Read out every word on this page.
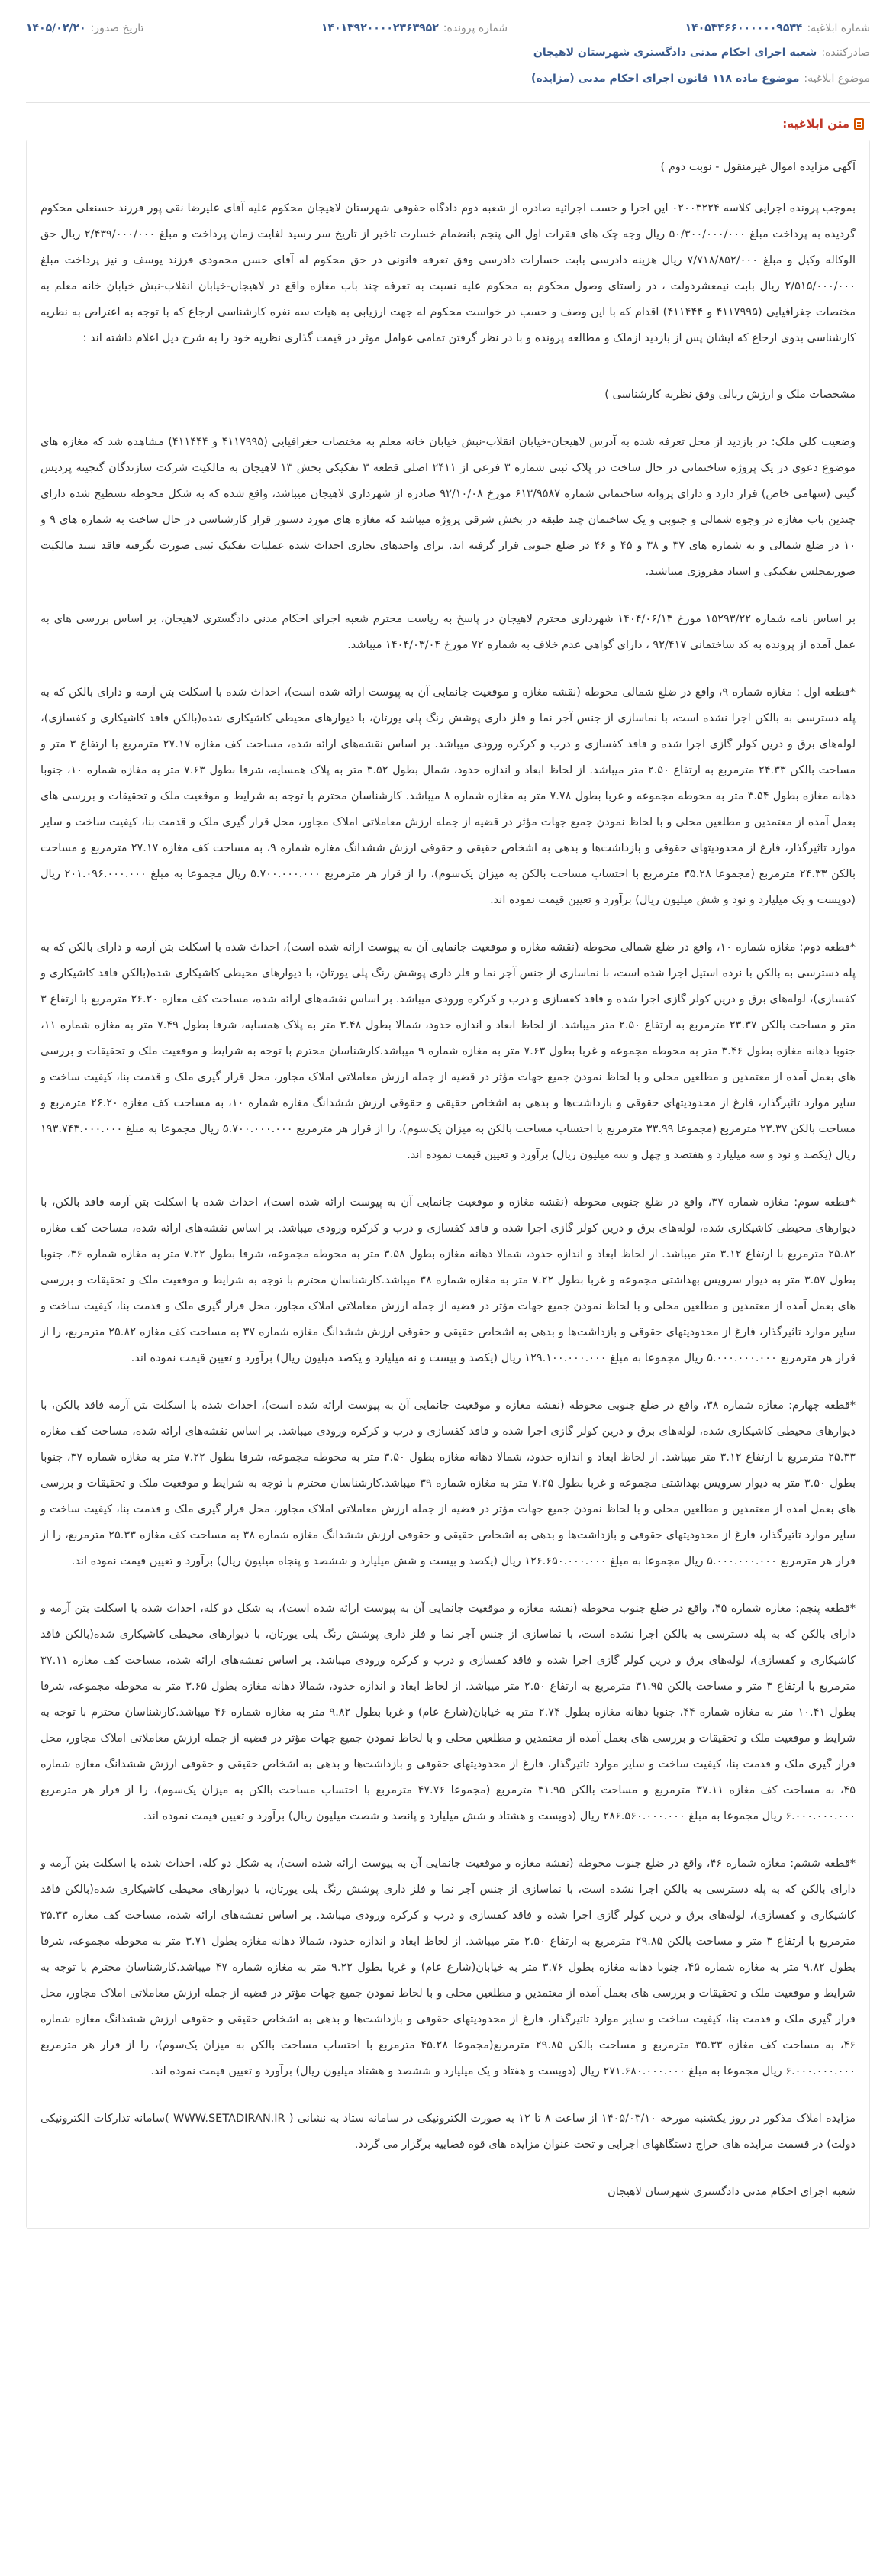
شماره ابلاغیه:
۱۴۰۵۳۴۶۶۰۰۰۰۰۰۹۵۳۴
شماره پرونده:
۱۴۰۱۳۹۲۰۰۰۰۲۳۶۳۹۵۲
تاریخ صدور:
۱۴۰۵/۰۲/۲۰
صادرکننده:
شعبه اجرای احکام مدنی دادگستری شهرستان لاهیجان
موضوع ابلاغیه:
موضوع ماده ۱۱۸ قانون اجرای احکام مدنی (مزایده)
متن ابلاغیه:

آگهی مزایده اموال غیرمنقول - نوبت دوم )

بموجب پرونده اجرایی کلاسه ۰۲۰۰۳۲۲۴ این اجرا و حسب اجرائیه صادره از شعبه دوم دادگاه حقوقی شهرستان لاهیجان محکوم علیه آقای علیرضا نقی پور فرزند حسنعلی محکوم گردیده به پرداخت مبلغ ۵۰/۳۰۰/۰۰۰/۰۰۰ ریال وجه چک های فقرات اول الی پنجم بانضمام خسارت تاخیر از تاریخ سر رسید لغایت زمان پرداخت و مبلغ ۲/۴۳۹/۰۰۰/۰۰۰ ریال حق الوکاله وکیل و مبلغ ۷/۷۱۸/۸۵۲/۰۰۰ ریال هزینه دادرسی بابت خسارات دادرسی وفق تعرفه قانونی در حق محکوم له آقای حسن محمودی فرزند یوسف و نیز پرداخت مبلغ ۲/۵۱۵/۰۰۰/۰۰۰ ریال بابت نیمعشردولت ، در راستای وصول محکوم به محکوم علیه نسبت به تعرفه چند باب مغازه واقع در لاهیجان-خیابان انقلاب-نبش خیابان خانه معلم به مختصات جغرافیایی (۴۱۱۷۹۹۵ و ۴۱۱۴۴۴) اقدام که با این وصف و حسب در خواست محکوم له جهت ارزیابی به هیات سه نفره کارشناسی ارجاع که با توجه به اعتراض به نظریه کارشناسی بدوی ارجاع که ایشان پس از بازدید ازملک و مطالعه پرونده و با در نظر گرفتن تمامی عوامل موثر در قیمت گذاری نظریه خود را به شرح ذیل اعلام داشته اند :

مشخصات ملک و ارزش ریالی وفق نظریه کارشناسی )

وضعیت کلی ملک: در بازدید از محل تعرفه شده به آدرس لاهیجان-خیابان انقلاب-نبش خیابان خانه معلم به مختصات جغرافیایی (۴۱۱۷۹۹۵ و ۴۱۱۴۴۴) مشاهده شد که مغازه های موضوع دعوی در یک پروژه ساختمانی در حال ساخت در پلاک ثبتی شماره ۳ فرعی از ۲۴۱۱ اصلی قطعه ۳ تفکیکی بخش ۱۳ لاهیجان به مالکیت شرکت سازندگان گنجینه پردیس گیتی (سهامی خاص) قرار دارد و دارای پروانه ساختمانی شماره ۶۱۳/۹۵۸۷ مورخ ۹۲/۱۰/۰۸ صادره از شهرداری لاهیجان میباشد، واقع شده که به شکل محوطه تسطیح شده دارای چندین باب مغازه در وجوه شمالی و جنوبی و یک ساختمان چند طبقه در بخش شرقی پروژه میباشد که مغازه های مورد دستور قرار کارشناسی در حال ساخت به شماره های ۹ و ۱۰ در ضلع شمالی و به شماره های ۳۷ و ۳۸ و ۴۵ و ۴۶ در ضلع جنوبی قرار گرفته اند. برای واحدهای تجاری احداث شده عملیات تفکیک ثبتی صورت نگرفته فاقد سند مالکیت صورتمجلس تفکیکی و اسناد مفروزی میباشند.

بر اساس نامه شماره ۱۵۲۹۳/۲۲ مورخ ۱۴۰۴/۰۶/۱۳ شهرداری محترم لاهیجان در پاسخ به ریاست محترم شعبه اجرای احکام مدنی دادگستری لاهیجان، بر اساس بررسی های به عمل آمده از پرونده به کد ساختمانی ۹۲/۴۱۷ ، دارای گواهی عدم خلاف به شماره ۷۲ مورخ ۱۴۰۴/۰۳/۰۴ میباشد.

*قطعه اول : مغازه شماره ۹، واقع در ضلع شمالی محوطه (نقشه مغازه و موقعیت جانمایی آن به پیوست ارائه شده است)، احداث شده با اسکلت بتن آرمه و دارای بالکن که به پله دسترسی به بالکن اجرا نشده است، با نماسازی از جنس آجر نما و فلز داری پوشش رنگ پلی یورتان، با دیوارهای محیطی کاشیکاری شده(بالکن فاقد کاشیکاری و کفسازی)، لوله‌های برق و درین کولر گازی اجرا شده و فاقد کفسازی و درب و کرکره ورودی میباشد. بر اساس نقشه‌های ارائه شده، مساحت کف مغازه ۲۷.۱۷ مترمربع با ارتفاع ۳ متر و مساحت بالکن ۲۴.۳۳ مترمربع به ارتفاع ۲.۵۰ متر میباشد. از لحاظ ابعاد و اندازه حدود، شمال بطول ۳.۵۲ متر به پلاک همسایه، شرقا بطول ۷.۶۳ متر به مغازه شماره ۱۰، جنوبا دهانه مغازه بطول ۳.۵۴ متر به محوطه مجموعه و غربا بطول ۷.۷۸ متر به مغازه شماره ۸ میباشد. کارشناسان محترم با توجه به شرایط و موقعیت ملک و تحقیقات و بررسی های بعمل آمده از معتمدین و مطلعین محلی و با لحاظ نمودن جمیع جهات مؤثر در قضیه از جمله ارزش معاملاتی املاک مجاور، محل قرار گیری ملک و قدمت بنا، کیفیت ساخت و سایر موارد تاثیرگذار، فارغ از محدودیتهای حقوقی و بازداشت‌ها و بدهی به اشخاص حقیقی و حقوقی ارزش ششدانگ مغازه شماره ۹، به مساحت کف مغازه ۲۷.۱۷ مترمربع و مساحت بالکن ۲۴.۳۳ مترمربع (مجموعا ۳۵.۲۸ مترمربع با احتساب مساحت بالکن به میزان یک‌سوم)، را از قرار هر مترمربع ۵.۷۰۰.۰۰۰.۰۰۰ ریال مجموعا به مبلغ ۲۰۱.۰۹۶.۰۰۰.۰۰۰ ریال (دویست و یک میلیارد و نود و شش میلیون ریال) برآورد و تعیین قیمت نموده اند.

*قطعه دوم: مغازه شماره ۱۰، واقع در ضلع شمالی محوطه (نقشه مغازه و موقعیت جانمایی آن به پیوست ارائه شده است)، احداث شده با اسکلت بتن آرمه و دارای بالکن که به پله دسترسی به بالکن با نرده استیل اجرا شده است، با نماسازی از جنس آجر نما و فلز داری پوشش رنگ پلی یورتان، با دیوارهای محیطی کاشیکاری شده(بالکن فاقد کاشیکاری و کفسازی)، لوله‌های برق و درین کولر گازی اجرا شده و فاقد کفسازی و درب و کرکره ورودی میباشد. بر اساس نقشه‌های ارائه شده، مساحت کف مغازه ۲۶.۲۰ مترمربع با ارتفاع ۳ متر و مساحت بالکن ۲۳.۳۷ مترمربع به ارتفاع ۲.۵۰ متر میباشد. از لحاظ ابعاد و اندازه حدود، شمالا بطول ۳.۴۸ متر به پلاک همسایه، شرقا بطول ۷.۴۹ متر به مغازه شماره ۱۱، جنوبا دهانه مغازه بطول ۳.۴۶ متر به محوطه مجموعه و غربا بطول ۷.۶۳ متر به مغازه شماره ۹ میباشد.کارشناسان محترم با توجه به شرایط و موقعیت ملک و تحقیقات و بررسی های بعمل آمده از معتمدین و مطلعین محلی و با لحاظ نمودن جمیع جهات مؤثر در قضیه از جمله ارزش معاملاتی املاک مجاور، محل قرار گیری ملک و قدمت بنا، کیفیت ساخت و سایر موارد تاثیرگذار، فارغ از محدودیتهای حقوقی و بازداشت‌ها و بدهی به اشخاص حقیقی و حقوقی ارزش ششدانگ مغازه شماره ۱۰، به مساحت کف مغازه ۲۶.۲۰ مترمربع و مساحت بالکن ۲۳.۳۷ مترمربع (مجموعا ۳۳.۹۹ مترمربع با احتساب مساحت بالکن به میزان یک‌سوم)، را از قرار هر مترمربع ۵.۷۰۰.۰۰۰.۰۰۰ ریال مجموعا به مبلغ ۱۹۳.۷۴۳.۰۰۰.۰۰۰ ریال (یکصد و نود و سه میلیارد و هفتصد و چهل و سه میلیون ریال) برآورد و تعیین قیمت نموده اند.

*قطعه سوم: مغازه شماره ۳۷، واقع در ضلع جنوبی محوطه (نقشه مغازه و موقعیت جانمایی آن به پیوست ارائه شده است)، احداث شده با اسکلت بتن آرمه فاقد بالکن، با دیوارهای محیطی کاشیکاری شده، لوله‌های برق و درین کولر گازی اجرا شده و فاقد کفسازی و درب و کرکره ورودی میباشد. بر اساس نقشه‌های ارائه شده، مساحت کف مغازه ۲۵.۸۲ مترمربع با ارتفاع ۳.۱۲ متر میباشد. از لحاظ ابعاد و اندازه حدود، شمالا دهانه مغازه بطول ۳.۵۸ متر به محوطه مجموعه، شرقا بطول ۷.۲۲ متر به مغازه شماره ۳۶، جنوبا بطول ۳.۵۷ متر به دیوار سرویس بهداشتی مجموعه و غربا بطول ۷.۲۲ متر به مغازه شماره ۳۸ میباشد.کارشناسان محترم با توجه به شرایط و موقعیت ملک و تحقیقات و بررسی های بعمل آمده از معتمدین و مطلعین محلی و با لحاظ نمودن جمیع جهات مؤثر در قضیه از جمله ارزش معاملاتی املاک مجاور، محل قرار گیری ملک و قدمت بنا، کیفیت ساخت و سایر موارد تاثیرگذار، فارغ از محدودیتهای حقوقی و بازداشت‌ها و بدهی به اشخاص حقیقی و حقوقی ارزش ششدانگ مغازه شماره ۳۷ به مساحت کف مغازه ۲۵.۸۲ مترمربع، را از قرار هر مترمربع ۵.۰۰۰.۰۰۰.۰۰۰ ریال مجموعا به مبلغ ۱۲۹.۱۰۰.۰۰۰.۰۰۰ ریال (یکصد و بیست و نه میلیارد و یکصد میلیون ریال) برآورد و تعیین قیمت نموده اند.

*قطعه چهارم: مغازه شماره ۳۸، واقع در ضلع جنوبی محوطه (نقشه مغازه و موقعیت جانمایی آن به پیوست ارائه شده است)، احداث شده با اسکلت بتن آرمه فاقد بالکن، با دیوارهای محیطی کاشیکاری شده، لوله‌های برق و درین کولر گازی اجرا شده و فاقد کفسازی و درب و کرکره ورودی میباشد. بر اساس نقشه‌های ارائه شده، مساحت کف مغازه ۲۵.۳۳ مترمربع با ارتفاع ۳.۱۲ متر میباشد. از لحاظ ابعاد و اندازه حدود، شمالا دهانه مغازه بطول ۳.۵۰ متر به محوطه مجموعه، شرقا بطول ۷.۲۲ متر به مغازه شماره ۳۷، جنوبا بطول ۳.۵۰ متر به دیوار سرویس بهداشتی مجموعه و غربا بطول ۷.۲۵ متر به مغازه شماره ۳۹ میباشد.کارشناسان محترم با توجه به شرایط و موقعیت ملک و تحقیقات و بررسی های بعمل آمده از معتمدین و مطلعین محلی و با لحاظ نمودن جمیع جهات مؤثر در قضیه از جمله ارزش معاملاتی املاک مجاور، محل قرار گیری ملک و قدمت بنا، کیفیت ساخت و سایر موارد تاثیرگذار، فارغ از محدودیتهای حقوقی و بازداشت‌ها و بدهی به اشخاص حقیقی و حقوقی ارزش ششدانگ مغازه شماره ۳۸ به مساحت کف مغازه ۲۵.۳۳ مترمربع، را از قرار هر مترمربع ۵.۰۰۰.۰۰۰.۰۰۰ ریال مجموعا به مبلغ ۱۲۶.۶۵۰.۰۰۰.۰۰۰ ریال (یکصد و بیست و شش میلیارد و ششصد و پنجاه میلیون ریال) برآورد و تعیین قیمت نموده اند.

*قطعه پنجم: مغازه شماره ۴۵، واقع در ضلع جنوب محوطه (نقشه مغازه و موقعیت جانمایی آن به پیوست ارائه شده است)، به شکل دو کله، احداث شده با اسکلت بتن آرمه و دارای بالکن که به پله دسترسی به بالکن اجرا نشده است، با نماسازی از جنس آجر نما و فلز داری پوشش رنگ پلی یورتان، با دیوارهای محیطی کاشیکاری شده(بالکن فاقد کاشیکاری و کفسازی)، لوله‌های برق و درین کولر گازی اجرا شده و فاقد کفسازی و درب و کرکره ورودی میباشد. بر اساس نقشه‌های ارائه شده، مساحت کف مغازه ۳۷.۱۱ مترمربع با ارتفاع ۳ متر و مساحت بالکن ۳۱.۹۵ مترمربع به ارتفاع ۲.۵۰ متر میباشد. از لحاظ ابعاد و اندازه حدود، شمالا دهانه مغازه بطول ۳.۶۵ متر به محوطه مجموعه، شرقا بطول ۱۰.۴۱ متر به مغازه شماره ۴۴، جنوبا دهانه مغازه بطول ۲.۷۴ متر به خیابان(شارع عام) و غربا بطول ۹.۸۲ متر به مغازه شماره ۴۶ میباشد.کارشناسان محترم با توجه به شرایط و موقعیت ملک و تحقیقات و بررسی های بعمل آمده از معتمدین و مطلعین محلی و با لحاظ نمودن جمیع جهات مؤثر در قضیه از جمله ارزش معاملاتی املاک مجاور، محل قرار گیری ملک و قدمت بنا، کیفیت ساخت و سایر موارد تاثیرگذار، فارغ از محدودیتهای حقوقی و بازداشت‌ها و بدهی به اشخاص حقیقی و حقوقی ارزش ششدانگ مغازه شماره ۴۵، به مساحت کف مغازه ۳۷.۱۱ مترمربع و مساحت بالکن ۳۱.۹۵ مترمربع (مجموعا ۴۷.۷۶ مترمربع با احتساب مساحت بالکن به میزان یک‌سوم)، را از قرار هر مترمربع ۶.۰۰۰.۰۰۰.۰۰۰ ریال مجموعا به مبلغ ۲۸۶.۵۶۰.۰۰۰.۰۰۰ ریال (دویست و هشتاد و شش میلیارد و پانصد و شصت میلیون ریال) برآورد و تعیین قیمت نموده اند.

*قطعه ششم: مغازه شماره ۴۶، واقع در ضلع جنوب محوطه (نقشه مغازه و موقعیت جانمایی آن به پیوست ارائه شده است)، به شکل دو کله، احداث شده با اسکلت بتن آرمه و دارای بالکن که به پله دسترسی به بالکن اجرا نشده است، با نماسازی از جنس آجر نما و فلز داری پوشش رنگ پلی یورتان، با دیوارهای محیطی کاشیکاری شده(بالکن فاقد کاشیکاری و کفسازی)، لوله‌های برق و درین کولر گازی اجرا شده و فاقد کفسازی و درب و کرکره ورودی میباشد. بر اساس نقشه‌های ارائه شده، مساحت کف مغازه ۳۵.۳۳ مترمربع با ارتفاع ۳ متر و مساحت بالکن ۲۹.۸۵ مترمربع به ارتفاع ۲.۵۰ متر میباشد. از لحاظ ابعاد و اندازه حدود، شمالا دهانه مغازه بطول ۳.۷۱ متر به محوطه مجموعه، شرقا بطول ۹.۸۲ متر به مغازه شماره ۴۵، جنوبا دهانه مغازه بطول ۳.۷۶ متر به خیابان(شارع عام) و غربا بطول ۹.۲۲ متر به مغازه شماره ۴۷ میباشد.کارشناسان محترم با توجه به شرایط و موقعیت ملک و تحقیقات و بررسی های بعمل آمده از معتمدین و مطلعین محلی و با لحاظ نمودن جمیع جهات مؤثر در قضیه از جمله ارزش معاملاتی املاک مجاور، محل قرار گیری ملک و قدمت بنا، کیفیت ساخت و سایر موارد تاثیرگذار، فارغ از محدودیتهای حقوقی و بازداشت‌ها و بدهی به اشخاص حقیقی و حقوقی ارزش ششدانگ مغازه شماره ۴۶، به مساحت کف مغازه ۳۵.۳۳ مترمربع و مساحت بالکن ۲۹.۸۵ مترمربع(مجموعا ۴۵.۲۸ مترمربع با احتساب مساحت بالکن به میزان یک‌سوم)، را از قرار هر مترمربع ۶.۰۰۰.۰۰۰.۰۰۰ ریال مجموعا به مبلغ ۲۷۱.۶۸۰.۰۰۰.۰۰۰ ریال (دویست و هفتاد و یک میلیارد و ششصد و هشتاد میلیون ریال) برآورد و تعیین قیمت نموده اند.

مزایده املاک مذکور در روز یکشنبه مورخه ۱۴۰۵/۰۳/۱۰ از ساعت ۸ تا ۱۲ به صورت الکترونیکی در سامانه ستاد به نشانی ( WWW.SETADIRAN.IR )سامانه تدارکات الکترونیکی دولت) در قسمت مزایده های حراج دستگاههای اجرایی و تحت عنوان مزایده های قوه قضاییه برگزار می گردد.

شعبه اجرای احکام مدنی دادگستری شهرستان لاهیجان
